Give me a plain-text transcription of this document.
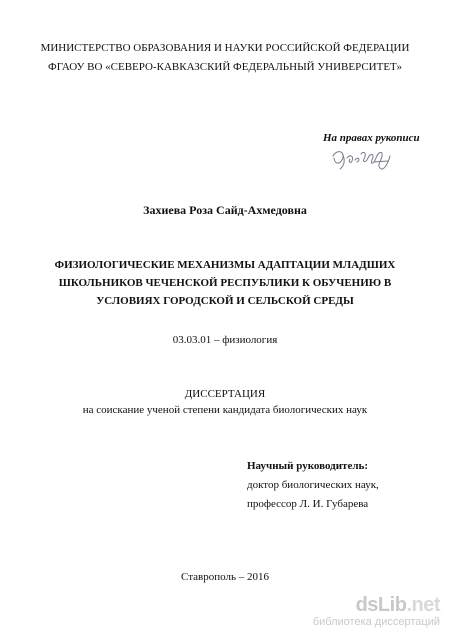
МИНИСТЕРСТВО ОБРАЗОВАНИЯ И НАУКИ РОССИЙСКОЙ ФЕДЕРАЦИИ
ФГАОУ ВО «СЕВЕРО-КАВКАЗСКИЙ ФЕДЕРАЛЬНЫЙ УНИВЕРСИТЕТ»
На правах рукописи
Захиева Роза Сайд-Ахмедовна
ФИЗИОЛОГИЧЕСКИЕ МЕХАНИЗМЫ АДАПТАЦИИ МЛАДШИХ
ШКОЛЬНИКОВ ЧЕЧЕНСКОЙ РЕСПУБЛИКИ К ОБУЧЕНИЮ В
УСЛОВИЯХ ГОРОДСКОЙ И СЕЛЬСКОЙ СРЕДЫ
03.03.01 – физиология
ДИССЕРТАЦИЯ
на соискание ученой степени кандидата биологических наук
Научный руководитель:
доктор биологических наук,
профессор Л. И. Губарева
Ставрополь – 2016
dsLib.net
библиотека диссертаций
